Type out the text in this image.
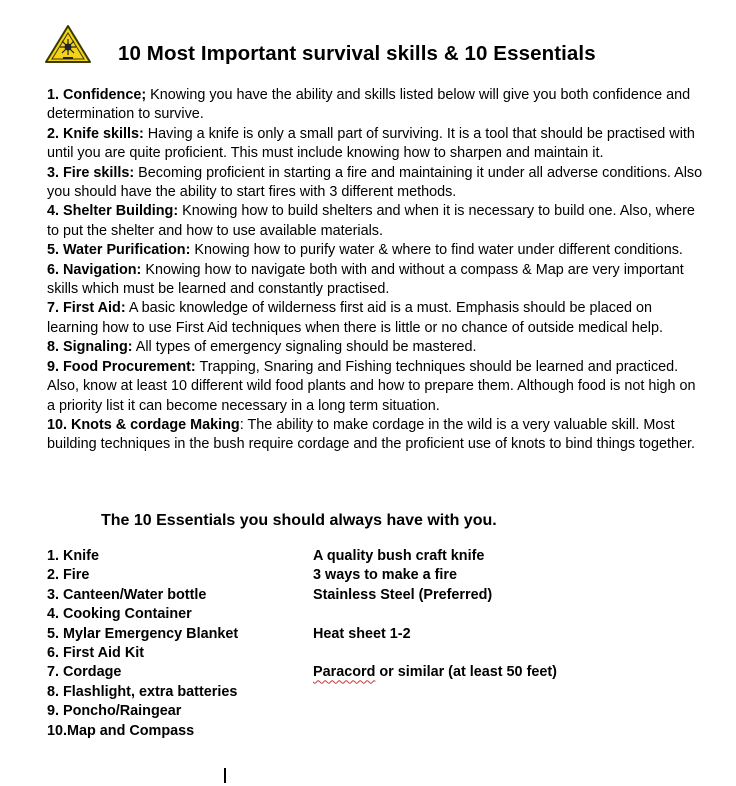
10 Most Important survival skills & 10 Essentials

1. Confidence; Knowing you have the ability and skills listed below will give you both confidence and determination to survive.

2. Knife skills: Having a knife is only a small part of surviving. It is a tool that should be practised with until you are quite proficient. This must include knowing how to sharpen and maintain it.

3. Fire skills: Becoming proficient in starting a fire and maintaining it under all adverse conditions. Also you should have the ability to start fires with 3 different methods.

4. Shelter Building: Knowing how to build shelters and when it is necessary to build one. Also, where to put the shelter and how to use available materials.

5. Water Purification: Knowing how to purify water & where to find water under different conditions.

6. Navigation: Knowing how to navigate both with and without a compass & Map are very important skills which must be learned and constantly practised.

7. First Aid: A basic knowledge of wilderness first aid is a must. Emphasis should be placed on learning how to use First Aid techniques when there is little or no chance of outside medical help.

8. Signaling: All types of emergency signaling should be mastered.

9. Food Procurement: Trapping, Snaring and Fishing techniques should be learned and practiced. Also, know at least 10 different wild food plants and how to prepare them. Although food is not high on a priority list it can become necessary in a long term situation.

10. Knots & cordage Making: The ability to make cordage in the wild is a very valuable skill. Most building techniques in the bush require cordage and the proficient use of knots to bind things together.

The 10 Essentials you should always have with you.
1. Knife	A quality bush craft knife
2. Fire	3 ways to make a fire
3. Canteen/Water bottle	Stainless Steel (Preferred)
4. Cooking Container
5. Mylar Emergency Blanket	Heat sheet 1-2
6. First Aid Kit
7. Cordage	Paracord or similar (at least 50 feet)
8. Flashlight, extra batteries
9. Poncho/Raingear
10.Map and Compass
